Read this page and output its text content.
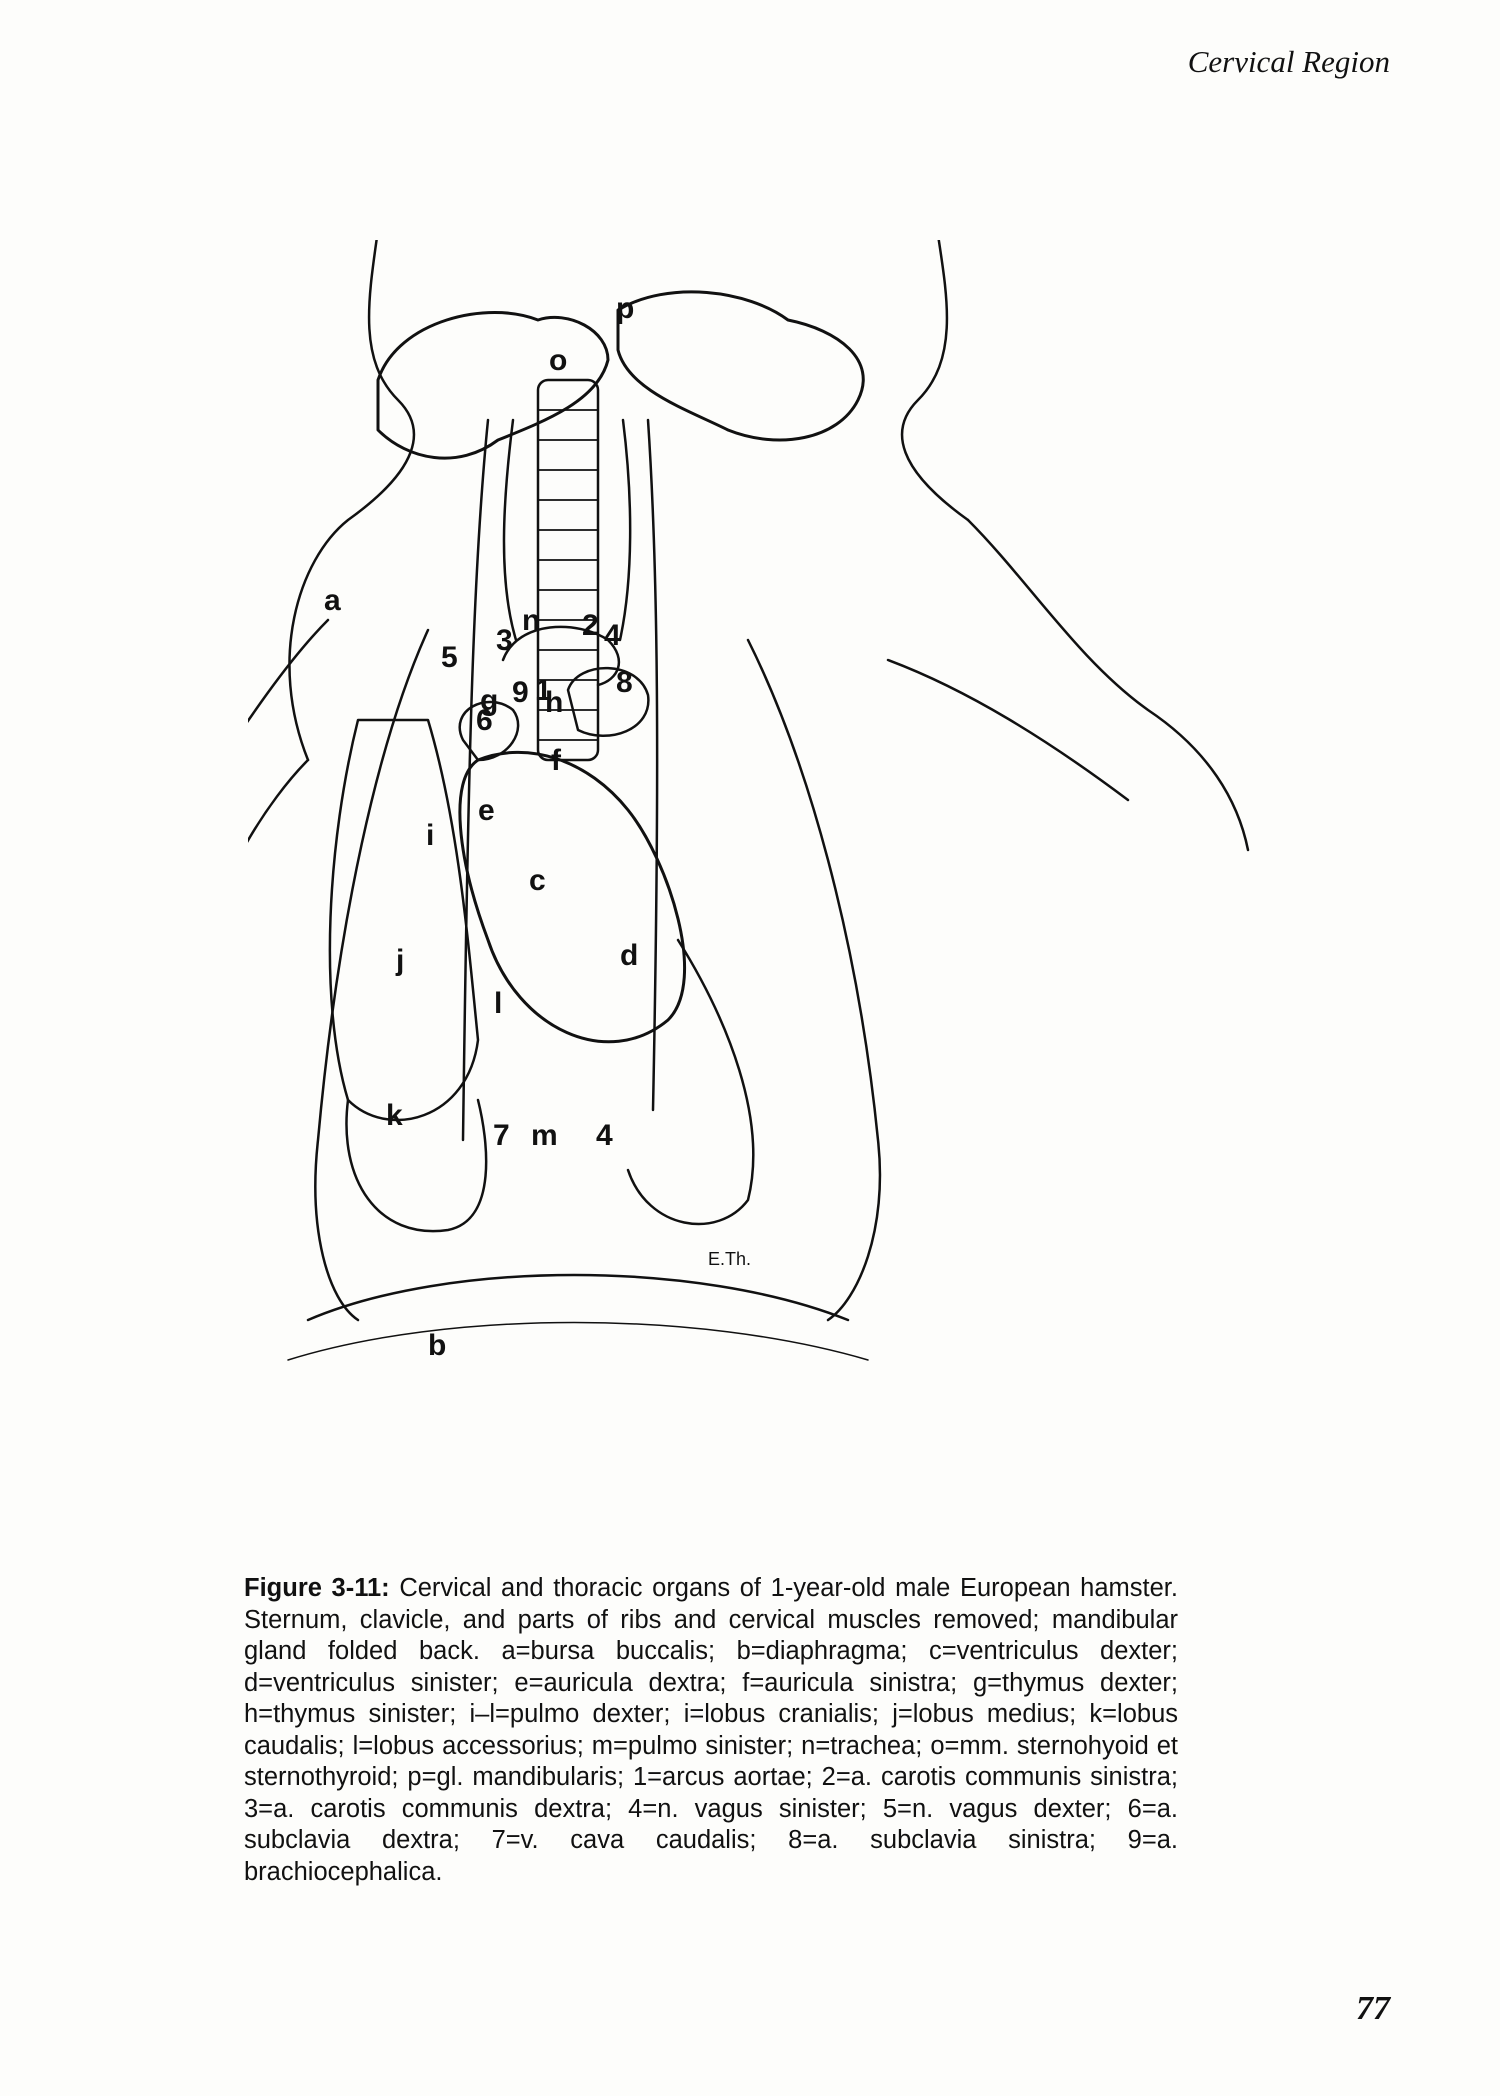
Cervical Region
a
b
c
d
e
f
g h
i
j
k
l
m
n
o
p
1
2
3	4
4
5
6
7
8
9
E.Th.
Figure 3-11: Cervical and thoracic organs of 1-year-old male European hamster. Sternum, clavicle, and parts of ribs and cervical muscles removed; mandibular gland folded back. a=bursa buccalis; b=diaphragma; c=ventriculus dexter; d=ventriculus sinister; e=auricula dextra; f=auricula sinistra; g=thymus dexter; h=thymus sinister; i–l=pulmo dexter; i=lobus cranialis; j=lobus medius; k=lobus caudalis; l=lobus accessorius; m=pulmo sinister; n=trachea; o=mm. sternohyoid et sternothyroid; p=gl. mandibularis; 1=arcus aortae; 2=a. carotis communis sinistra; 3=a. carotis communis dextra; 4=n. vagus sinister; 5=n. vagus dexter; 6=a. subclavia dextra; 7=v. cava caudalis; 8=a. subclavia sinistra; 9=a. brachiocephalica.
77
